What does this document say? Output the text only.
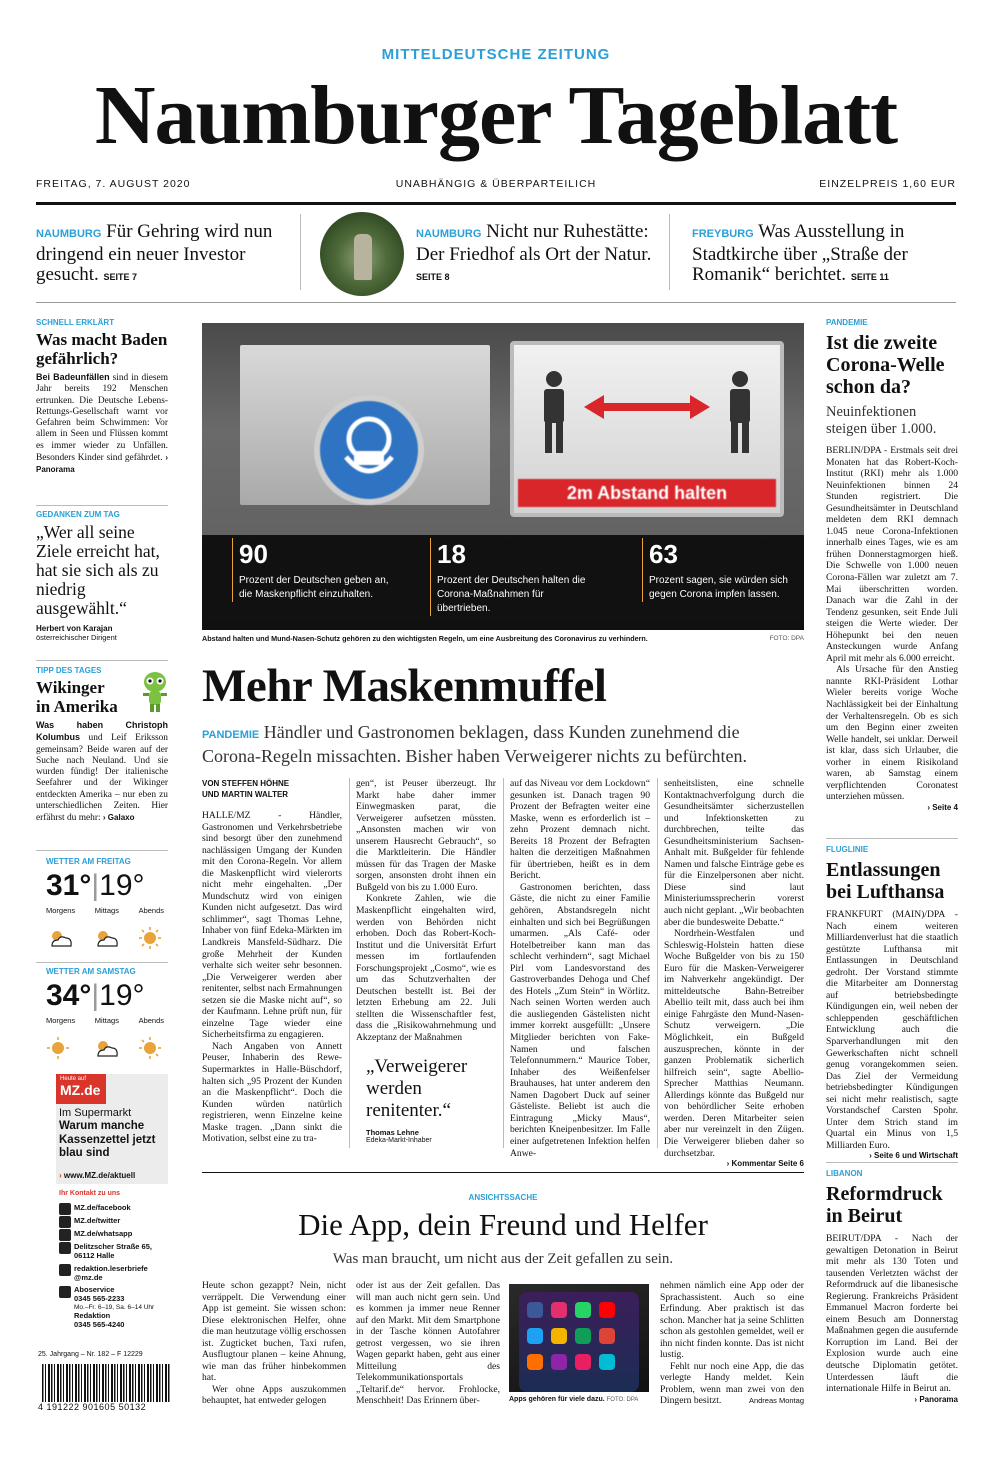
MITTELDEUTSCHE ZEITUNG
Naumburger Tageblatt
FREITAG, 7. AUGUST 2020	UNABHÄNGIG & ÜBERPARTEILICH	EINZELPREIS 1,60 EUR
NAUMBURG Für Gehring wird nun dringend ein neuer Investor gesucht. SEITE 7
NAUMBURG Nicht nur Ruhestätte: Der Friedhof als Ort der Natur. SEITE 8
FREYBURG Was Ausstellung in Stadtkirche über „Straße der Romanik“ berichtet. SEITE 11
SCHNELL ERKLÄRT
Was macht Baden gefährlich?
Bei Badeunfällen sind in diesem Jahr bereits 192 Menschen ertrunken. Die Deutsche Lebens-Rettungs-Gesellschaft warnt vor Gefahren beim Schwimmen: Vor allem in Seen und Flüssen kommt es immer wieder zu Unfällen. Besonders Kinder sind gefährdet. › Panorama
GEDANKEN ZUM TAG
„Wer all seine Ziele erreicht hat, hat sie sich als zu niedrig ausgewählt.“
Herbert von Karajan
österreichischer Dirigent
TIPP DES TAGES
Wikinger in Amerika
Was haben Christoph Kolumbus und Leif Eriksson gemeinsam? Beide waren auf der Suche nach Neuland. Und sie wurden fündig! Der italienische Seefahrer und der Wikinger entdeckten Amerika – nur eben zu unterschiedlichen Zeiten. Hier erfährst du mehr: › Galaxo
WETTER AM FREITAG
31°|19°
Morgens	Mittags	Abends
WETTER AM SAMSTAG
34°|19°
Morgens	Mittags	Abends
Heute auf
MZ.de
Im Supermarkt
Warum manche Kassenzettel jetzt blau sind
› www.MZ.de/aktuell
Ihr Kontakt zu uns
MZ.de/facebook
MZ.de/twitter
MZ.de/whatsapp
Delitzscher Straße 65, 06112 Halle
redaktion.leserbriefe @mz.de
Aboservice
0345 565-2233
Mo.–Fr. 6–19, Sa. 6–14 Uhr
Redaktion
0345 565-4240
25. Jahrgang – Nr. 182 – F 12229
4 191222 901605 50132
2m Abstand halten
90
Prozent der Deutschen geben an, die Maskenpflicht einzuhalten.
18
Prozent der Deutschen halten die Corona-Maßnahmen für übertrieben.
63
Prozent sagen, sie würden sich gegen Corona impfen lassen.
Abstand halten und Mund-Nasen-Schutz gehören zu den wichtigsten Regeln, um eine Ausbreitung des Coronavirus zu verhindern.	FOTO: DPA
Mehr Maskenmuffel
PANDEMIE Händler und Gastronomen beklagen, dass Kunden zunehmend die Corona-Regeln missachten. Bisher haben Verweigerer nichts zu befürchten.
VON STEFFEN HÖHNE
UND MARTIN WALTER

HALLE/MZ - Händler, Gastronomen und Verkehrsbetriebe sind besorgt über den zunehmend nachlässigen Umgang der Kunden mit den Corona-Regeln. Vor allem die Maskenpflicht wird vielerorts nicht mehr eingehalten. „Der Mundschutz wird von einigen Kunden nicht aufgesetzt. Das wird schlimmer“, sagt Thomas Lehne, Inhaber von fünf Edeka-Märkten im Landkreis Mansfeld-Südharz. Die große Mehrheit der Kunden verhalte sich weiter sehr besonnen. „Die Verweigerer werden aber renitenter, selbst nach Ermahnungen setzen sie die Maske nicht auf“, so der Kaufmann. Lehne prüft nun, für einzelne Tage wieder eine Sicherheitsfirma zu engagieren.

Nach Angaben von Annett Peuser, Inhaberin des Rewe-Supermarktes in Halle-Büschdorf, halten sich „95 Prozent der Kunden an die Maskenpflicht“. Doch die Kunden würden natürlich registrieren, wenn Einzelne keine Maske tragen. „Dann sinkt die Motivation, selbst eine zu tra-

gen“, ist Peuser überzeugt. Ihr Markt habe daher immer Einwegmasken parat, die Verweigerer aufsetzen müssten. „Ansonsten machen wir von unserem Hausrecht Gebrauch“, so die Marktleiterin. Die Händler müssen für das Tragen der Maske sorgen, ansonsten droht ihnen ein Bußgeld von bis zu 1.000 Euro.

Konkrete Zahlen, wie die Maskenpflicht eingehalten wird, werden von Behörden nicht erhoben. Doch das Robert-Koch-Institut und die Universität Erfurt messen im fortlaufenden Forschungsprojekt „Cosmo“, wie es um das Schutzverhalten der Deutschen bestellt ist. Bei der letzten Erhebung am 22. Juli stellten die Wissenschaftler fest, dass die „Risikowahrnehmung und Akzeptanz der Maßnahmen

„Verweigerer werden renitenter.“
Thomas Lehne
Edeka-Markt-Inhaber

auf das Niveau vor dem Lockdown“ gesunken ist. Danach tragen 90 Prozent der Befragten weiter eine Maske, wenn es erforderlich ist – zehn Prozent demnach nicht. Bereits 18 Prozent der Befragten halten die derzeitigen Maßnahmen für übertrieben, heißt es in dem Bericht.

Gastronomen berichten, dass Gäste, die nicht zu einer Familie gehören, Abstandsregeln nicht einhalten und sich bei Begrüßungen umarmen. „Als Café- oder Hotelbetreiber kann man das schlecht verhindern“, sagt Michael Pirl vom Landesvorstand des Gastroverbandes Dehoga und Chef des Hotels „Zum Stein“ in Wörlitz. Nach seinen Worten werden auch die ausliegenden Gästelisten nicht immer korrekt ausgefüllt: „Unsere Mitglieder berichten von Fake-Namen und falschen Telefonnummern.“ Maurice Tober, Inhaber des Weißenfelser Brauhauses, hat unter anderem den Namen Dagobert Duck auf seiner Gästeliste. Beliebt ist auch die Eintragung „Micky Maus“, berichten Kneipenbesitzer. Im Falle einer aufgetretenen Infektion helfen Anwe-

senheitslisten, eine schnelle Kontaktnachverfolgung durch die Gesundheitsämter sicherzustellen und Infektionsketten zu durchbrechen, teilte das Gesundheitsministerium Sachsen-Anhalt mit. Bußgelder für fehlende Namen und falsche Einträge gebe es für die Einzelpersonen aber nicht. Diese sind laut Ministeriumssprecherin vorerst auch nicht geplant. „Wir beobachten aber die bundesweite Debatte.“

Nordrhein-Westfalen und Schleswig-Holstein hatten diese Woche Bußgelder von bis zu 150 Euro für die Masken-Verweigerer im Nahverkehr angekündigt. Der mitteldeutsche Bahn-Betreiber Abellio teilt mit, dass auch bei ihm einige Fahrgäste den Mund-Nasen-Schutz verweigern. „Die Möglichkeit, ein Bußgeld auszusprechen, könnte in der ganzen Problematik sicherlich hilfreich sein“, sagte Abellio-Sprecher Matthias Neumann. Allerdings könnte das Bußgeld nur von behördlicher Seite erhoben werden. Deren Mitarbeiter seien aber nur vereinzelt in den Zügen. Die Verweigerer blieben daher so durchsetzbar.

› Kommentar Seite 6
ANSICHTSSACHE
Die App, dein Freund und Helfer
Was man braucht, um nicht aus der Zeit gefallen zu sein.

Heute schon gezappt? Nein, nicht verräppelt. Die Verwendung einer App ist gemeint. Sie wissen schon: Diese elektronischen Helfer, ohne die man heutzutage völlig erschossen ist. Zugticket buchen, Taxi rufen, Ausflugtour planen – keine Ahnung, wie man das früher hinbekommen hat.

Wer ohne Apps auszukommen behauptet, hat entweder gelogen

oder ist aus der Zeit gefallen. Das will man auch nicht gern sein. Und es kommen ja immer neue Renner auf den Markt. Mit dem Smartphone in der Tasche können Autofahrer getrost vergessen, wo sie ihren Wagen geparkt haben, geht aus einer Mitteilung des Telekommunikationsportals „Teltarif.de“ hervor. Frohlocke, Menschheit! Das Erinnern über-	Apps gehören für viele dazu. FOTO: DPA

nehmen nämlich eine App oder der Sprachassistent. Auch so eine Erfindung. Aber praktisch ist das schon. Mancher hat ja seine Schlitten schon als gestohlen gemeldet, weil er ihn nicht finden konnte. Das ist nicht lustig.

Fehlt nur noch eine App, die das verlegte Handy meldet. Kein Problem, wenn man zwei von den Dingern besitzt.	Andreas Montag
PANDEMIE
Ist die zweite Corona-Welle schon da?
Neuinfektionen steigen über 1.000.

BERLIN/DPA - Erstmals seit drei Monaten hat das Robert-Koch-Institut (RKI) mehr als 1.000 Neuinfektionen binnen 24 Stunden registriert. Die Gesundheitsämter in Deutschland meldeten dem RKI demnach 1.045 neue Corona-Infektionen innerhalb eines Tages, wie es am frühen Donnerstagmorgen hieß. Die Schwelle von 1.000 neuen Corona-Fällen war zuletzt am 7. Mai überschritten worden. Danach war die Zahl in der Tendenz gesunken, seit Ende Juli steigen die Werte wieder. Der Höhepunkt bei den neuen Ansteckungen wurde Anfang April mit mehr als 6.000 erreicht.

Als Ursache für den Anstieg nannte RKI-Präsident Lothar Wieler bereits vorige Woche Nachlässigkeit bei der Einhaltung der Verhaltensregeln. Ob es sich um den Beginn einer zweiten Welle handelt, sei unklar. Derweil ist klar, dass sich Urlauber, die vorher in einem Risikoland waren, ab Samstag einem verpflichtenden Coronatest unterziehen müssen.

› Seite 4
FLUGLINIE
Entlassungen bei Lufthansa

FRANKFURT (MAIN)/DPA - Nach einem weiteren Milliardenverlust hat die staatlich gestützte Lufthansa mit Entlassungen in Deutschland gedroht. Der Vorstand stimmte die Mitarbeiter am Donnerstag auf betriebsbedingte Kündigungen ein, weil neben der schleppenden geschäftlichen Entwicklung auch die Sparverhandlungen mit den Gewerkschaften nicht schnell genug vorangekommen seien. Das Ziel der Vermeidung betriebsbedingter Kündigungen sei nicht mehr realistisch, sagte Vorstandschef Carsten Spohr. Unter dem Strich stand im Quartal ein Minus von 1,5 Milliarden Euro.

› Seite 6 und Wirtschaft
LIBANON
Reformdruck in Beirut

BEIRUT/DPA - Nach der gewaltigen Detonation in Beirut mit mehr als 130 Toten und tausenden Verletzten wächst der Reformdruck auf die libanesische Regierung. Frankreichs Präsident Emmanuel Macron forderte bei einem Besuch am Donnerstag Maßnahmen gegen die ausufernde Korruption im Land. Bei der Explosion wurde auch eine deutsche Diplomatin getötet. Unterdessen läuft die internationale Hilfe in Beirut an.

› Panorama
